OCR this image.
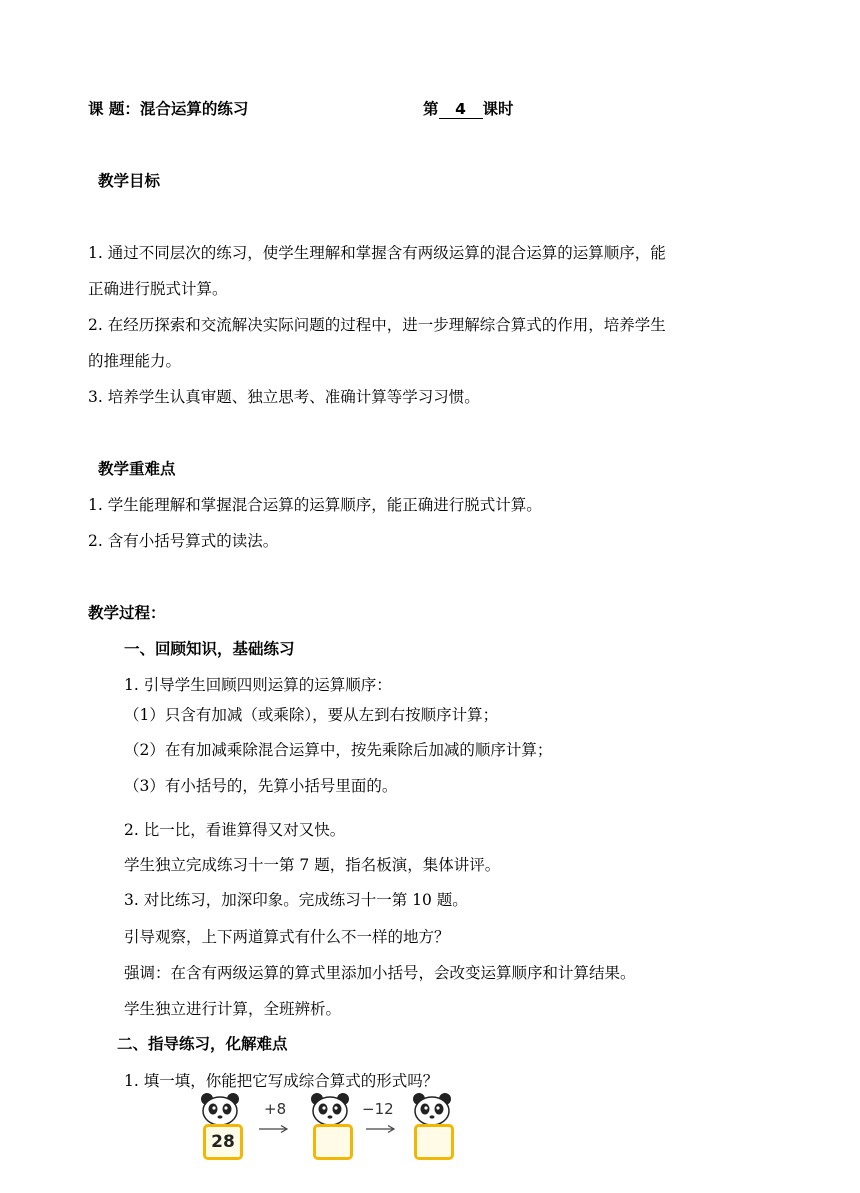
课 题：混合运算的练习	第 4 课时
教学目标
1. 通过不同层次的练习，使学生理解和掌握含有两级运算的混合运算的运算顺序，能
正确进行脱式计算。
2. 在经历探索和交流解决实际问题的过程中，进一步理解综合算式的作用，培养学生
的推理能力。
3. 培养学生认真审题、独立思考、准确计算等学习习惯。
教学重难点
1. 学生能理解和掌握混合运算的运算顺序，能正确进行脱式计算。
2. 含有小括号算式的读法。
教学过程：
一、回顾知识，基础练习
1. 引导学生回顾四则运算的运算顺序：
（1）只含有加减（或乘除），要从左到右按顺序计算；
（2）在有加减乘除混合运算中，按先乘除后加减的顺序计算；
（3）有小括号的，先算小括号里面的。
2. 比一比，看谁算得又对又快。
学生独立完成练习十一第 7 题，指名板演，集体讲评。
3. 对比练习，加深印象。完成练习十一第 10 题。
引导观察，上下两道算式有什么不一样的地方？
强调：在含有两级运算的算式里添加小括号，会改变运算顺序和计算结果。
学生独立进行计算，全班辨析。
二、指导练习，化解难点
1. 填一填，你能把它写成综合算式的形式吗？
28
+8	−12
